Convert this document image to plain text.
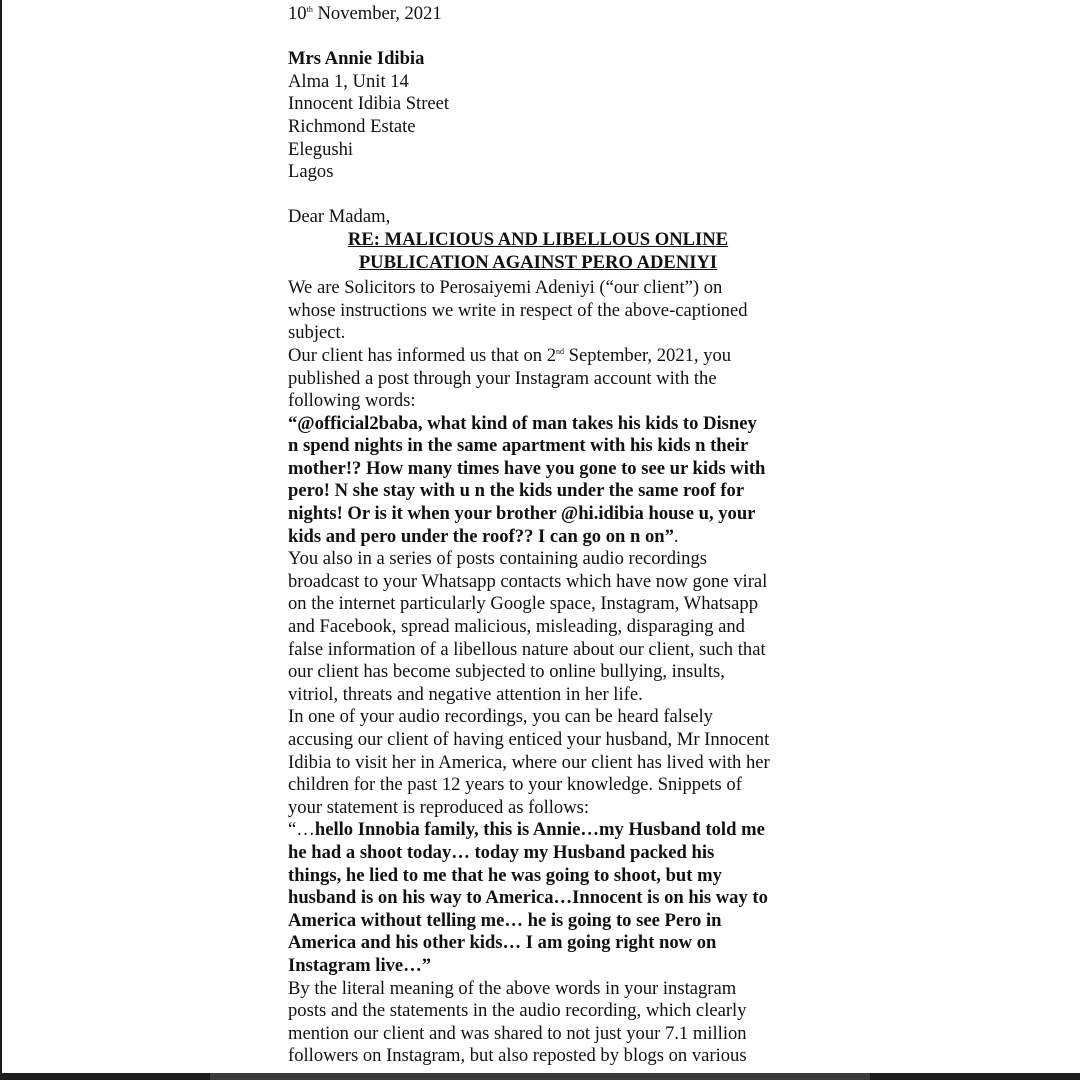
10th November, 2021
Mrs Annie Idibia
Alma 1, Unit 14
Innocent Idibia Street
Richmond Estate
Elegushi
Lagos
Dear Madam,
RE: MALICIOUS AND LIBELLOUS ONLINE
PUBLICATION AGAINST PERO ADENIYI
We are Solicitors to Perosaiyemi Adeniyi (“our client”) on
whose instructions we write in respect of the above-captioned
subject.
Our client has informed us that on 2nd September, 2021, you
published a post through your Instagram account with the
following words:
“@official2baba, what kind of man takes his kids to Disney
n spend nights in the same apartment with his kids n their
mother!? How many times have you gone to see ur kids with
pero! N she stay with u n the kids under the same roof for
nights! Or is it when your brother @hi.idibia house u, your
kids and pero under the roof?? I can go on n on”.
You also in a series of posts containing audio recordings
broadcast to your Whatsapp contacts which have now gone viral
on the internet particularly Google space, Instagram, Whatsapp
and Facebook, spread malicious, misleading, disparaging and
false information of a libellous nature about our client, such that
our client has become subjected to online bullying, insults,
vitriol, threats and negative attention in her life.
In one of your audio recordings, you can be heard falsely
accusing our client of having enticed your husband, Mr Innocent
Idibia to visit her in America, where our client has lived with her
children for the past 12 years to your knowledge. Snippets of
your statement is reproduced as follows:
“…hello Innobia family, this is Annie…my Husband told me
he had a shoot today… today my Husband packed his
things, he lied to me that he was going to shoot, but my
husband is on his way to America…Innocent is on his way to
America without telling me… he is going to see Pero in
America and his other kids… I am going right now on
Instagram live…”
By the literal meaning of the above words in your instagram
posts and the statements in the audio recording, which clearly
mention our client and was shared to not just your 7.1 million
followers on Instagram, but also reposted by blogs on various
